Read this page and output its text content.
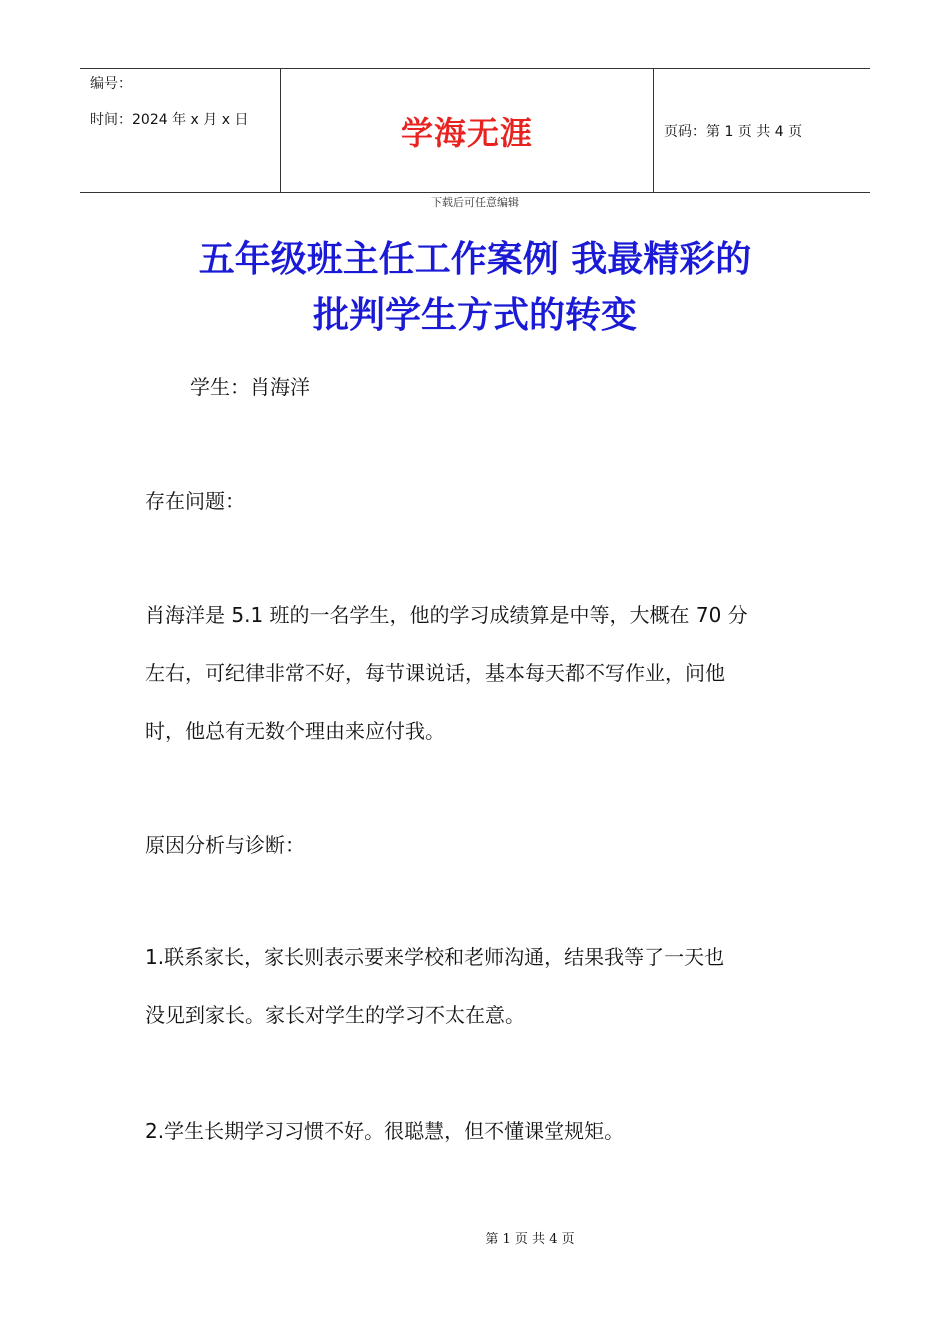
编号：
时间：2024 年 x 月 x 日	学海无涯	页码：第 1 页 共 4 页
下载后可任意编辑
五年级班主任工作案例 我最精彩的
批判学生方式的转变
学生：肖海洋
存在问题：
肖海洋是 5.1 班的一名学生，他的学习成绩算是中等，大概在 70 分
左右，可纪律非常不好，每节课说话，基本每天都不写作业，问他
时，他总有无数个理由来应付我。
原因分析与诊断：
1.联系家长，家长则表示要来学校和老师沟通，结果我等了一天也
没见到家长。家长对学生的学习不太在意。
2.学生长期学习习惯不好。很聪慧，但不懂课堂规矩。
第 1 页 共 4 页
